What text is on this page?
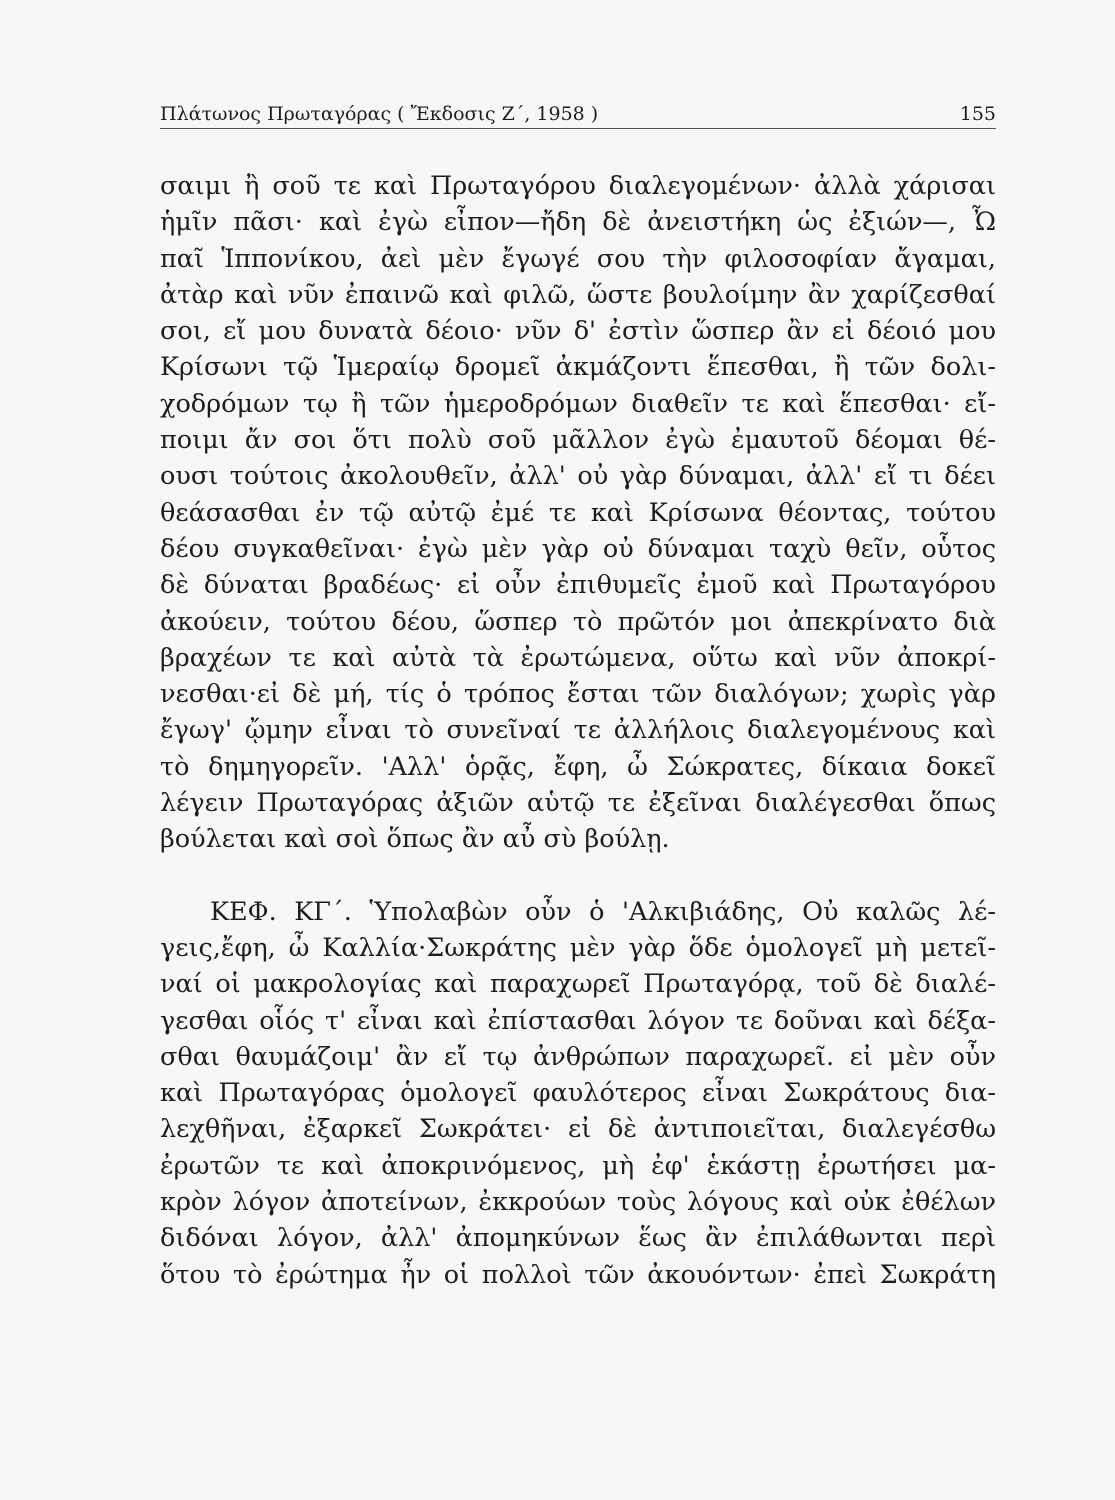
Πλάτωνος Πρωταγόρας ( Ἔκδοσις Ζ΄, 1958 )	155
σαιμι ἢ σοῦ τε καὶ Πρωταγόρου διαλεγομένων· ἀλλὰ χάρισαι
ἡμῖν πᾶσι· καὶ ἐγὼ εἶπον—ἤδη δὲ ἀνειστήκη ὡς ἐξιών—, Ὦ
παῖ Ἱππονίκου, ἀεὶ μὲν ἔγωγέ σου τὴν φιλοσοφίαν ἄγαμαι,
ἀτὰρ καὶ νῦν ἐπαινῶ καὶ φιλῶ, ὥστε βουλοίμην ἂν χαρίζεσθαί
σοι, εἴ μου δυνατὰ δέοιο· νῦν δ' ἐστὶν ὥσπερ ἂν εἰ δέοιό μου
Κρίσωνι τῷ Ἱμεραίῳ δρομεῖ ἀκμάζοντι ἕπεσθαι, ἢ τῶν δολι-
χοδρόμων τῳ ἢ τῶν ἡμεροδρόμων διαθεῖν τε καὶ ἕπεσθαι· εἴ-
ποιμι ἄν σοι ὅτι πολὺ σοῦ μᾶλλον ἐγὼ ἐμαυτοῦ δέομαι θέ-
ουσι τούτοις ἀκολουθεῖν, ἀλλ' οὐ γὰρ δύναμαι, ἀλλ' εἴ τι δέει
θεάσασθαι ἐν τῷ αὐτῷ ἐμέ τε καὶ Κρίσωνα θέοντας, τούτου
δέου συγκαθεῖναι· ἐγὼ μὲν γὰρ οὐ δύναμαι ταχὺ θεῖν, οὗτος
δὲ δύναται βραδέως· εἰ οὖν ἐπιθυμεῖς ἐμοῦ καὶ Πρωταγόρου
ἀκούειν, τούτου δέου, ὥσπερ τὸ πρῶτόν μοι ἀπεκρίνατο διὰ
βραχέων τε καὶ αὐτὰ τὰ ἐρωτώμενα, οὕτω καὶ νῦν ἀποκρί-
νεσθαι·εἰ δὲ μή, τίς ὁ τρόπος ἔσται τῶν διαλόγων; χωρὶς γὰρ
ἔγωγ' ᾤμην εἶναι τὸ συνεῖναί τε ἀλλήλοις διαλεγομένους καὶ
τὸ δημηγορεῖν. 'Αλλ' ὁρᾷς, ἔφη, ὦ Σώκρατες, δίκαια δοκεῖ
λέγειν Πρωταγόρας ἀξιῶν αὑτῷ τε ἐξεῖναι διαλέγεσθαι ὅπως
βούλεται καὶ σοὶ ὅπως ἂν αὖ σὺ βούλῃ.
ΚΕΦ. ΚΓ΄. Ὑπολαβὼν οὖν ὁ 'Αλκιβιάδης, Οὐ καλῶς λέ-
γεις,ἔφη, ὦ Καλλία·Σωκράτης μὲν γὰρ ὅδε ὁμολογεῖ μὴ μετεῖ-
ναί οἱ μακρολογίας καὶ παραχωρεῖ Πρωταγόρᾳ, τοῦ δὲ διαλέ-
γεσθαι οἷός τ' εἶναι καὶ ἐπίστασθαι λόγον τε δοῦναι καὶ δέξα-
σθαι θαυμάζοιμ' ἂν εἴ τῳ ἀνθρώπων παραχωρεῖ. εἰ μὲν οὖν
καὶ Πρωταγόρας ὁμολογεῖ φαυλότερος εἶναι Σωκράτους δια-
λεχθῆναι, ἐξαρκεῖ Σωκράτει· εἰ δὲ ἀντιποιεῖται, διαλεγέσθω
ἐρωτῶν τε καὶ ἀποκρινόμενος, μὴ ἐφ' ἑκάστῃ ἐρωτήσει μα-
κρὸν λόγον ἀποτείνων, ἐκκρούων τοὺς λόγους καὶ οὐκ ἐθέλων
διδόναι λόγον, ἀλλ' ἀπομηκύνων ἕως ἂν ἐπιλάθωνται περὶ
ὅτου τὸ ἐρώτημα ἦν οἱ πολλοὶ τῶν ἀκουόντων· ἐπεὶ Σωκράτη
